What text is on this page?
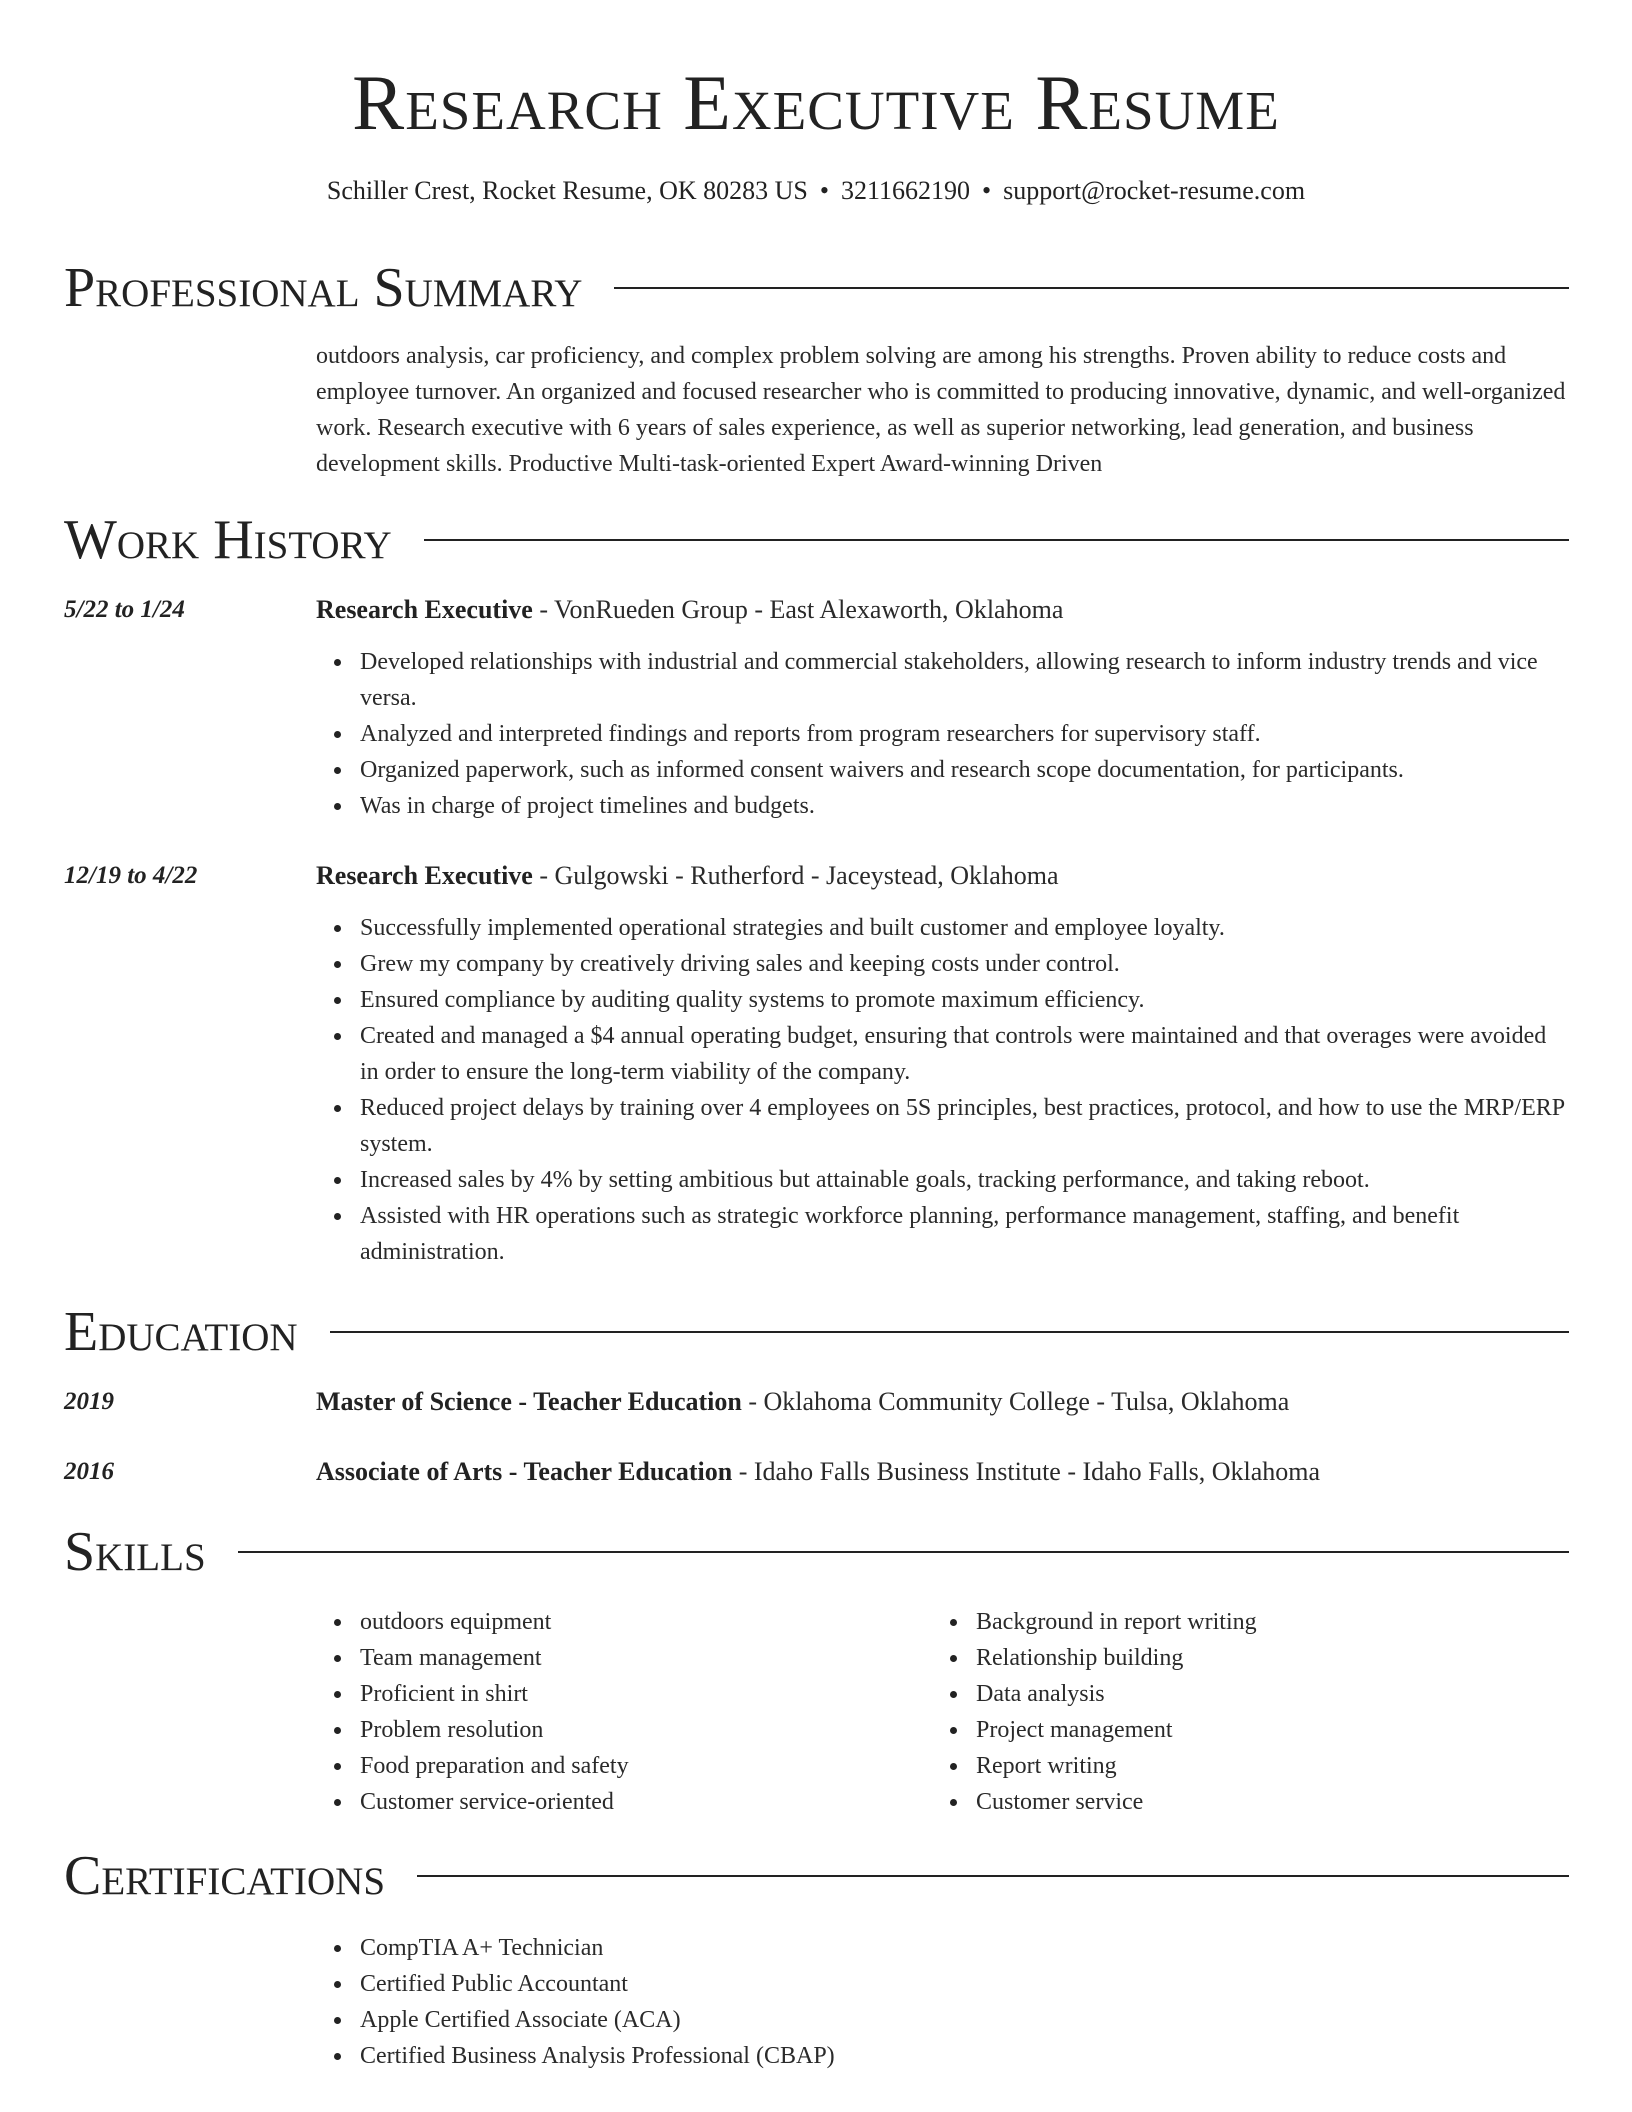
Research Executive Resume
Schiller Crest, Rocket Resume, OK 80283 US • 3211662190 • support@rocket-resume.com
Professional Summary

outdoors analysis, car proficiency, and complex problem solving are among his strengths. Proven ability to reduce costs and employee turnover. An organized and focused researcher who is committed to producing innovative, dynamic, and well-organized work. Research executive with 6 years of sales experience, as well as superior networking, lead generation, and business development skills. Productive Multi-task-oriented Expert Award-winning Driven

Work History
5/22 to 1/24	Research Executive - VonRueden Group - East Alexaworth, Oklahoma
Developed relationships with industrial and commercial stakeholders, allowing research to inform industry trends and vice versa.
Analyzed and interpreted findings and reports from program researchers for supervisory staff.
Organized paperwork, such as informed consent waivers and research scope documentation, for participants.
Was in charge of project timelines and budgets.
12/19 to 4/22	Research Executive - Gulgowski - Rutherford - Jaceystead, Oklahoma
Successfully implemented operational strategies and built customer and employee loyalty.
Grew my company by creatively driving sales and keeping costs under control.
Ensured compliance by auditing quality systems to promote maximum efficiency.
Created and managed a $4 annual operating budget, ensuring that controls were maintained and that overages were avoided in order to ensure the long-term viability of the company.
Reduced project delays by training over 4 employees on 5S principles, best practices, protocol, and how to use the MRP/ERP system.
Increased sales by 4% by setting ambitious but attainable goals, tracking performance, and taking reboot.
Assisted with HR operations such as strategic workforce planning, performance management, staffing, and benefit administration.
Education
2019	Master of Science - Teacher Education - Oklahoma Community College - Tulsa, Oklahoma
2016	Associate of Arts - Teacher Education - Idaho Falls Business Institute - Idaho Falls, Oklahoma
Skills
outdoors equipment
Team management
Proficient in shirt
Problem resolution
Food preparation and safety
Customer service-oriented
Background in report writing
Relationship building
Data analysis
Project management
Report writing
Customer service
Certifications
CompTIA A+ Technician
Certified Public Accountant
Apple Certified Associate (ACA)
Certified Business Analysis Professional (CBAP)
